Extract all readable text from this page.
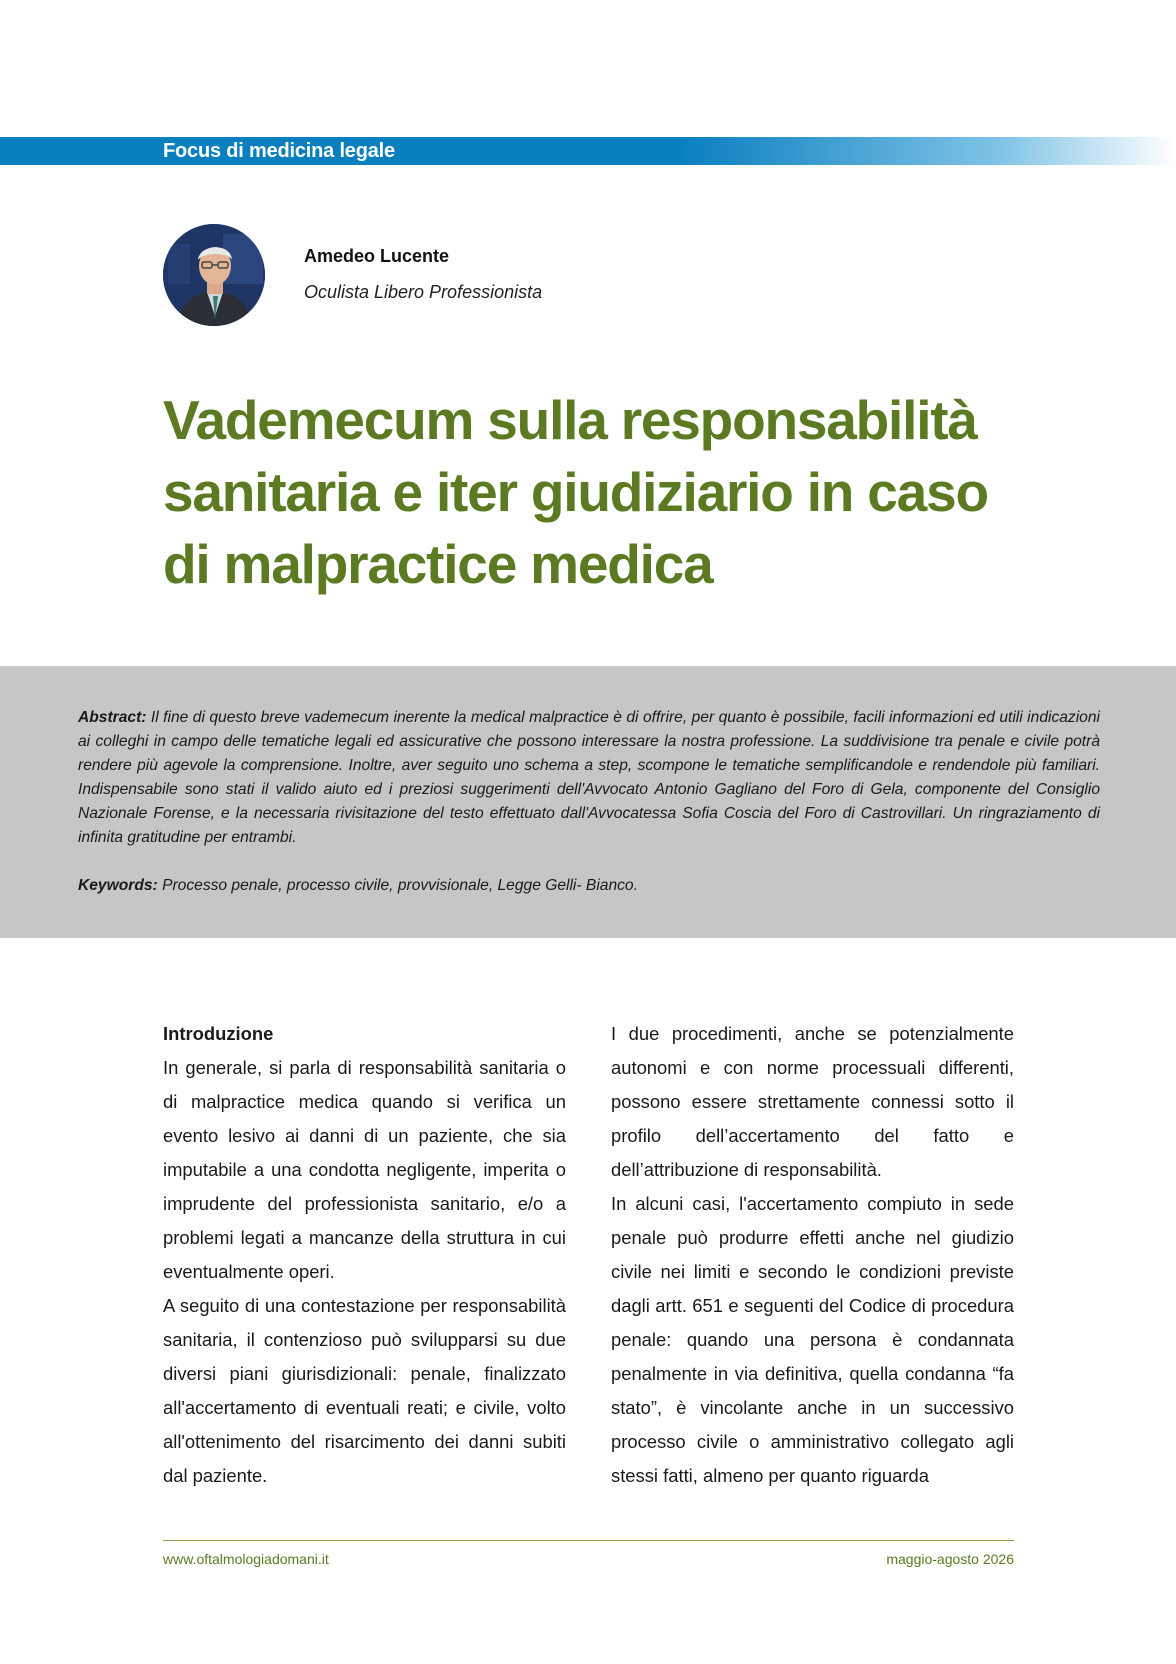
Focus di medicina legale
Amedeo Lucente
Oculista Libero Professionista
Vademecum sulla responsabilità
sanitaria e iter giudiziario in caso
di malpractice medica

Abstract: Il fine di questo breve vademecum inerente la medical malpractice è di offrire, per quanto è possibile, facili informazioni ed utili indicazioni ai colleghi in campo delle tematiche legali ed assicurative che possono interessare la nostra professione. La suddivisione tra penale e civile potrà rendere più agevole la comprensione. Inoltre, aver seguito uno schema a step, scompone le tematiche semplificandole e rendendole più familiari. Indispensabile sono stati il valido aiuto ed i preziosi suggerimenti dell'Avvocato Antonio Gagliano del Foro di Gela, componente del Consiglio Nazionale Forense, e la necessaria rivisitazione del testo effettuato dall'Avvocatessa Sofia Coscia del Foro di Castrovillari. Un ringraziamento di infinita gratitudine per entrambi.

Keywords: Processo penale, processo civile, provvisionale, Legge Gelli- Bianco.

Introduzione

In generale, si parla di responsabilità sanitaria o di malpractice medica quando si verifica un evento lesivo ai danni di un paziente, che sia imputabile a una condotta negligente, imperita o imprudente del professionista sanitario, e/o a problemi legati a mancanze della struttura in cui eventualmente operi.

A seguito di una contestazione per responsabilità sanitaria, il contenzioso può svilupparsi su due diversi piani giurisdizionali: penale, finalizzato all'accertamento di eventuali reati; e civile, volto all'ottenimento del risarcimento dei danni subiti dal paziente.

I due procedimenti, anche se potenzialmente autonomi e con norme processuali differenti, possono essere strettamente connessi sotto il profilo dell’accertamento del fatto e dell’attribuzione di responsabilità.

In alcuni casi, l'accertamento compiuto in sede penale può produrre effetti anche nel giudizio civile nei limiti e secondo le condizioni previste dagli artt. 651 e seguenti del Codice di procedura penale: quando una persona è condannata penalmente in via definitiva, quella condanna “fa stato”, è vincolante anche in un successivo processo civile o amministrativo collegato agli stessi fatti, almeno per quanto riguarda

www.oftalmologiadomani.it	maggio-agosto 2026
